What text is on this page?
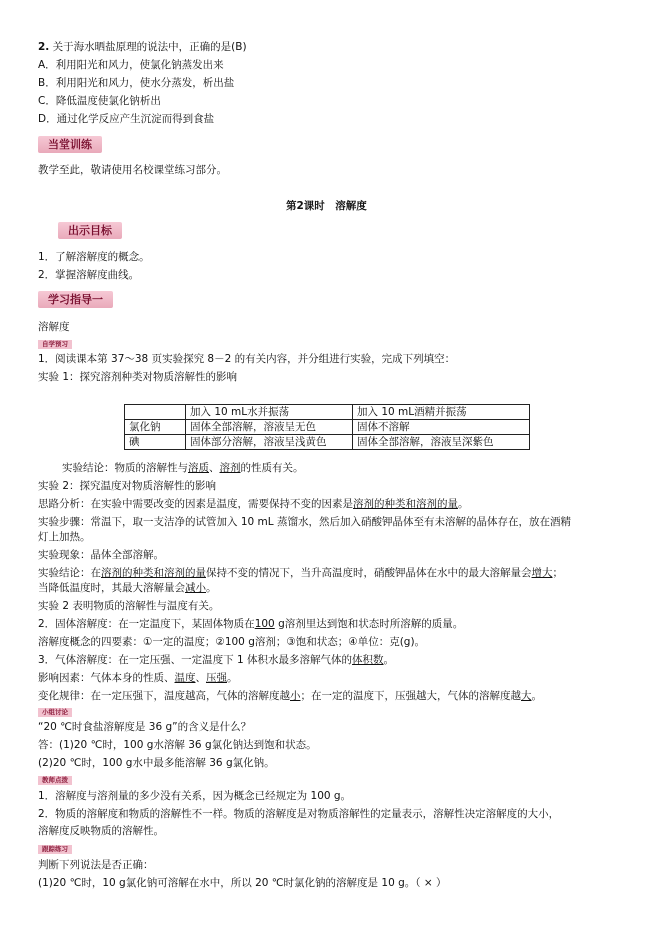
2. 关于海水晒盐原理的说法中，正确的是(B)
A．利用阳光和风力，使氯化钠蒸发出来
B．利用阳光和风力，使水分蒸发，析出盐
C．降低温度使氯化钠析出
D．通过化学反应产生沉淀而得到食盐
当堂训练
教学至此，敬请使用名校课堂练习部分。
第2课时　溶解度
出示目标
1．了解溶解度的概念。
2．掌握溶解度曲线。
学习指导一
溶解度
自学预习
1．阅读课本第 37～38 页实验探究 8－2 的有关内容，并分组进行实验，完成下列填空：
实验 1：探究溶剂种类对物质溶解性的影响
	加入 10 mL水并振荡	加入 10 mL酒精并振荡
氯化钠	固体全部溶解，溶液呈无色	固体不溶解
碘	固体部分溶解，溶液呈浅黄色	固体全部溶解，溶液呈深紫色
实验结论：物质的溶解性与溶质、溶剂的性质有关。
实验 2：探究温度对物质溶解性的影响
思路分析：在实验中需要改变的因素是温度，需要保持不变的因素是溶剂的种类和溶剂的量。
实验步骤：常温下，取一支洁净的试管加入 10 mL 蒸馏水，然后加入硝酸钾晶体至有未溶解的晶体存在，放在酒精
灯上加热。
实验现象：晶体全部溶解。
实验结论：在溶剂的种类和溶剂的量保持不变的情况下，当升高温度时，硝酸钾晶体在水中的最大溶解量会增大；
当降低温度时，其最大溶解量会减小。
实验 2 表明物质的溶解性与温度有关。
2．固体溶解度：在一定温度下，某固体物质在100 g溶剂里达到饱和状态时所溶解的质量。
溶解度概念的四要素：①一定的温度；②100 g溶剂；③饱和状态；④单位：克(g)。
3．气体溶解度：在一定压强、一定温度下 1 体积水最多溶解气体的体积数。
影响因素：气体本身的性质、温度、压强。
变化规律：在一定压强下，温度越高，气体的溶解度越小；在一定的温度下，压强越大，气体的溶解度越大。
小组讨论
“20 ℃时食盐溶解度是 36 g”的含义是什么？
答：(1)20 ℃时，100 g水溶解 36 g氯化钠达到饱和状态。
(2)20 ℃时，100 g水中最多能溶解 36 g氯化钠。
教师点拨
1．溶解度与溶剂量的多少没有关系，因为概念已经规定为 100 g。
2．物质的溶解度和物质的溶解性不一样。物质的溶解度是对物质溶解性的定量表示，溶解性决定溶解度的大小，
溶解度反映物质的溶解性。
跟踪练习
判断下列说法是否正确：
(1)20 ℃时，10 g氯化钠可溶解在水中，所以 20 ℃时氯化钠的溶解度是 10 g。（ × ）
